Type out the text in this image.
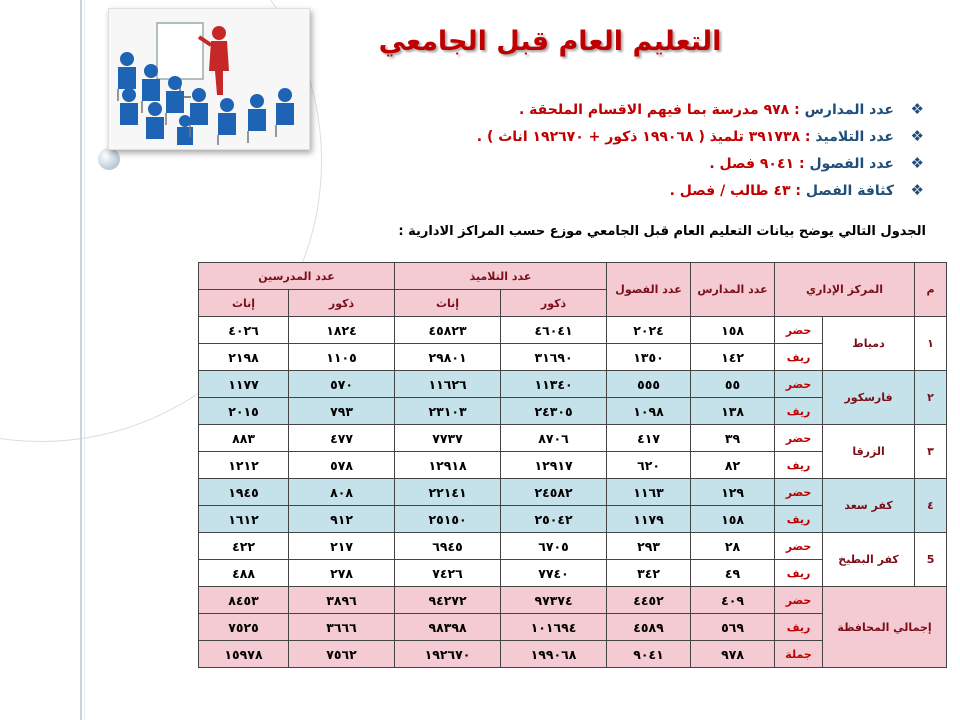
التعليم العام قبل الجامعي
❖عدد المدارس : ٩٧٨ مدرسة بما فيهم الاقسام الملحقة .
❖عدد التلاميذ : ٣٩١٧٣٨ تلميذ ( ١٩٩٠٦٨ ذكور + ١٩٢٦٧٠ اناث ) .
❖عدد الفصول : ٩٠٤١ فصل .
❖كثافة الفصل : ٤٣ طالب / فصل .
الجدول التالي يوضح بيانات التعليم العام قبل الجامعي موزع حسب المراكز الادارية :
م	المركز الإداري		عدد المدارس	عدد الفصول	عدد التلاميذ		عدد المدرسين	
					ذكور	إناث	ذكور	إناث
١	دمياط	حضر	١٥٨	٢٠٢٤	٤٦٠٤١	٤٥٨٢٣	١٨٢٤	٤٠٢٦
		ريف	١٤٢	١٣٥٠	٣١٦٩٠	٢٩٨٠١	١١٠٥	٢١٩٨
٢	فارسكور	حضر	٥٥	٥٥٥	١١٣٤٠	١١٦٢٦	٥٧٠	١١٧٧
		ريف	١٣٨	١٠٩٨	٢٤٣٠٥	٢٣١٠٣	٧٩٣	٢٠١٥
٣	الزرقا	حضر	٣٩	٤١٧	٨٧٠٦	٧٧٣٧	٤٧٧	٨٨٣
		ريف	٨٢	٦٢٠	١٢٩١٧	١٢٩١٨	٥٧٨	١٢١٢
٤	كفر سعد	حضر	١٢٩	١١٦٣	٢٤٥٨٢	٢٢١٤١	٨٠٨	١٩٤٥
		ريف	١٥٨	١١٧٩	٢٥٠٤٢	٢٥١٥٠	٩١٢	١٦١٢
5	كفر البطيخ	حضر	٢٨	٢٩٣	٦٧٠٥	٦٩٤٥	٢١٧	٤٢٢
		ريف	٤٩	٣٤٢	٧٧٤٠	٧٤٢٦	٢٧٨	٤٨٨
إجمالي المحافظة		حضر	٤٠٩	٤٤٥٢	٩٧٣٧٤	٩٤٢٧٢	٣٨٩٦	٨٤٥٣
		ريف	٥٦٩	٤٥٨٩	١٠١٦٩٤	٩٨٣٩٨	٣٦٦٦	٧٥٢٥
		جملة	٩٧٨	٩٠٤١	١٩٩٠٦٨	١٩٢٦٧٠	٧٥٦٢	١٥٩٧٨
